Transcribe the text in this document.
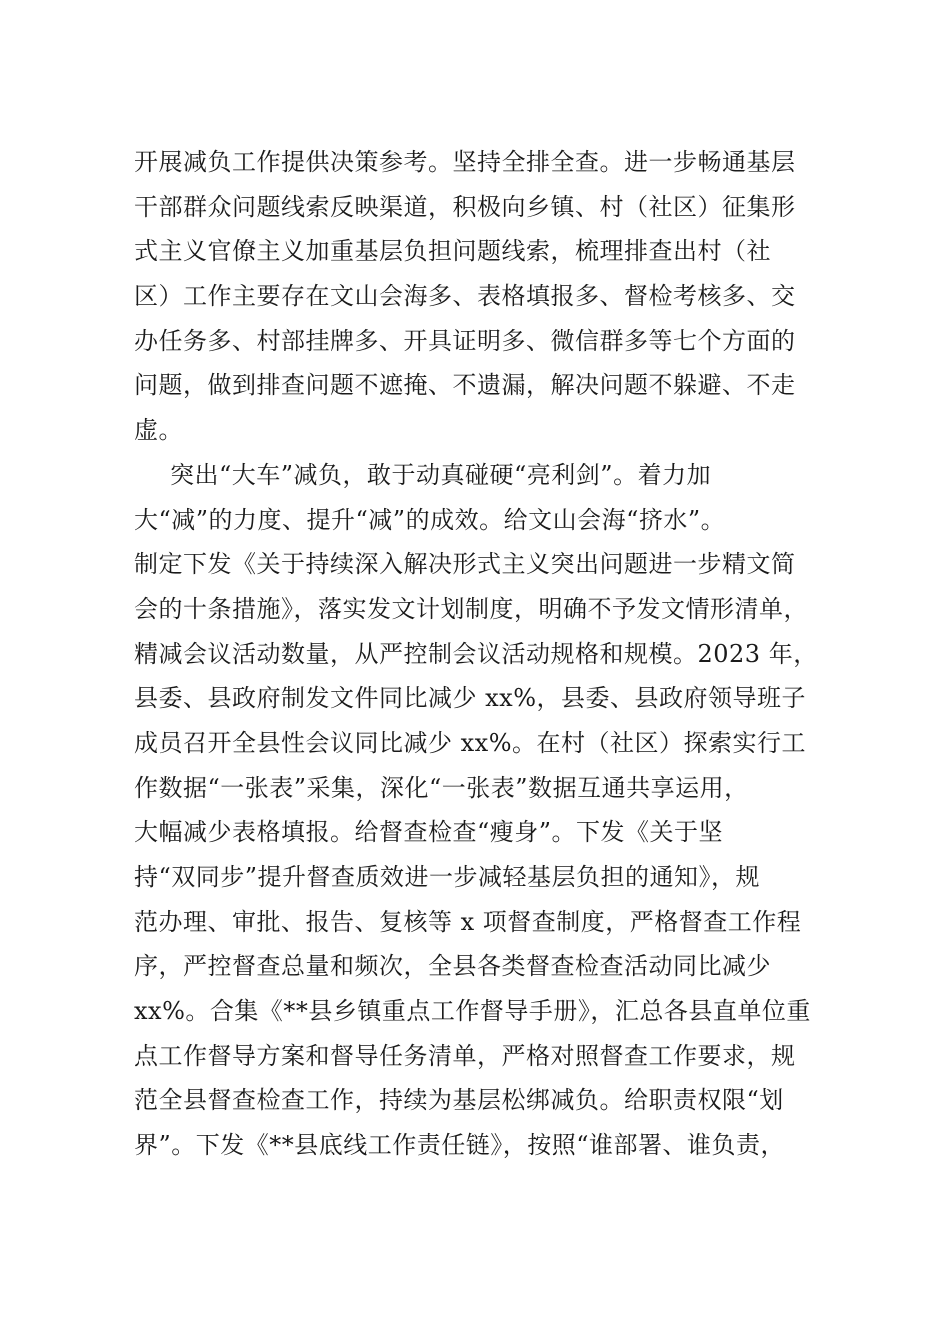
开展减负工作提供决策参考。坚持全排全查。进一步畅通基层
干部群众问题线索反映渠道，积极向乡镇、村（社区）征集形
式主义官僚主义加重基层负担问题线索，梳理排查出村（社
区）工作主要存在文山会海多、表格填报多、督检考核多、交
办任务多、村部挂牌多、开具证明多、微信群多等七个方面的
问题，做到排查问题不遮掩、不遗漏，解决问题不躲避、不走
虚。
突出“大车”减负，敢于动真碰硬“亮利剑”。着力加
大“减”的力度、提升“减”的成效。给文山会海“挤水”。
制定下发《关于持续深入解决形式主义突出问题进一步精文简
会的十条措施》，落实发文计划制度，明确不予发文情形清单，
精减会议活动数量，从严控制会议活动规格和规模。2023 年，
县委、县政府制发文件同比减少 xx%，县委、县政府领导班子
成员召开全县性会议同比减少 xx%。在村（社区）探索实行工
作数据“一张表”采集，深化“一张表”数据互通共享运用，
大幅减少表格填报。给督查检查“瘦身”。下发《关于坚
持“双同步”提升督查质效进一步减轻基层负担的通知》，规
范办理、审批、报告、复核等 x 项督查制度，严格督查工作程
序，严控督查总量和频次，全县各类督查检查活动同比减少
xx%。合集《**县乡镇重点工作督导手册》，汇总各县直单位重
点工作督导方案和督导任务清单，严格对照督查工作要求，规
范全县督查检查工作，持续为基层松绑减负。给职责权限“划
界”。下发《**县底线工作责任链》，按照“谁部署、谁负责，
